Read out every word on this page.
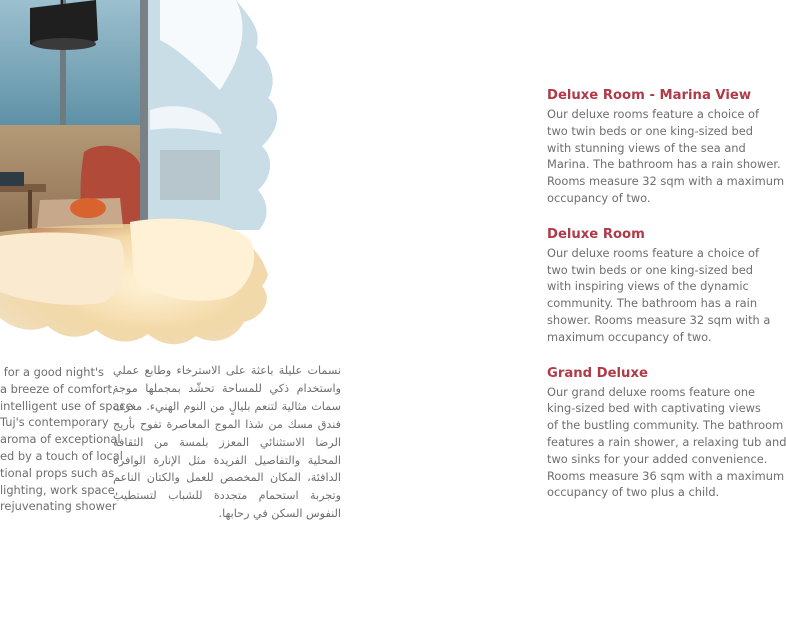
for a good night's
a breeze of comfort,
intelligent use of space.
Tuj's contemporary
aroma of exceptional
ed by a touch of local
tional props such as
lighting, work space,
rejuvenating shower
نسمات عليلة باعثة على الاسترخاء وطابع عملي واستخدام ذكي للمساحة تحشّد بمجملها موجة سمات مثالية لتنعم بليالٍ من النوم الهنيء. مغرف فندق مسك من شذا الموج المعاصرة تفوح بأريج الرضا الاستثنائي المعزز بلمسة من الثقافة المحلية والتفاصيل الفريدة مثل الإنارة الوافرة الدافئة، المكان المخصص للعمل والكتان الناعم وتجربة استحمام متجددة للشباب لتستطيب النفوس السكن في رحابها.
Deluxe Room - Marina View
Our deluxe rooms feature a choice of
two twin beds or one king-sized bed
with stunning views of the sea and
Marina. The bathroom has a rain shower.
Rooms measure 32 sqm with a maximum
occupancy of two.
Deluxe Room
Our deluxe rooms feature a choice of
two twin beds or one king-sized bed
with inspiring views of the dynamic
community. The bathroom has a rain
shower. Rooms measure 32 sqm with a
maximum occupancy of two.
Grand Deluxe
Our grand deluxe rooms feature one
king-sized bed with captivating views
of the bustling community. The bathroom
features a rain shower, a relaxing tub and
two sinks for your added convenience.
Rooms measure 36 sqm with a maximum
occupancy of two plus a child.
